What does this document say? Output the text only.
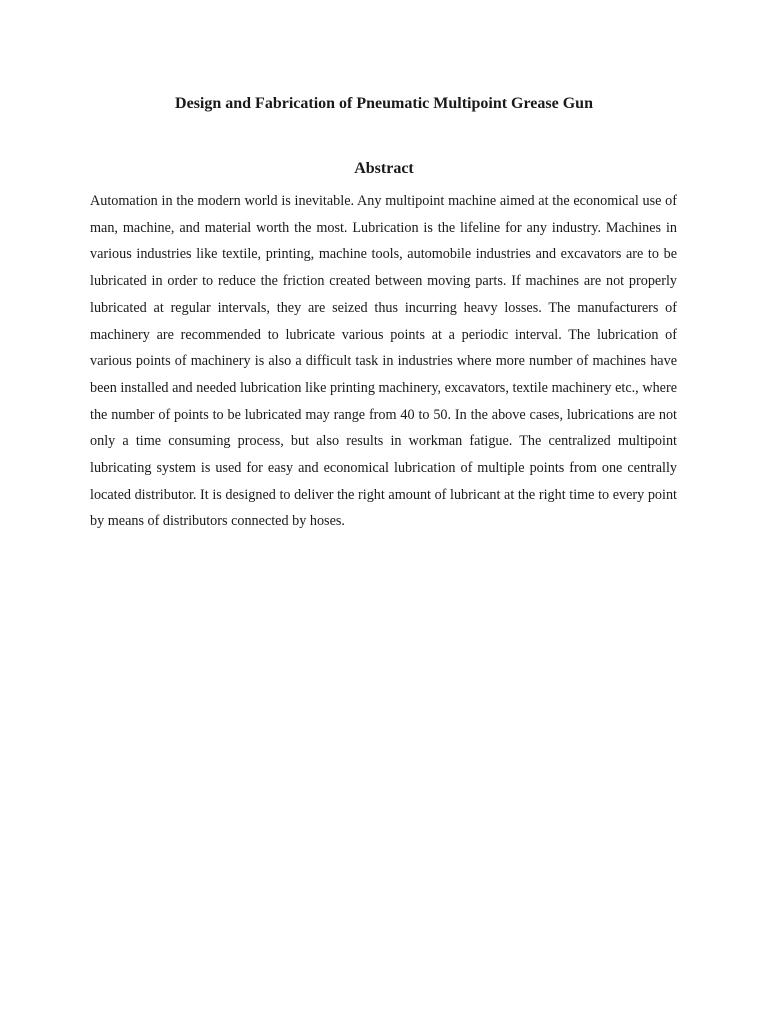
Design and Fabrication of Pneumatic Multipoint Grease Gun
Abstract

Automation in the modern world is inevitable. Any multipoint machine aimed at the economical use of man, machine, and material worth the most. Lubrication is the lifeline for any industry. Machines in various industries like textile, printing, machine tools, automobile industries and excavators are to be lubricated in order to reduce the friction created between moving parts. If machines are not properly lubricated at regular intervals, they are seized thus incurring heavy losses. The manufacturers of machinery are recommended to lubricate various points at a periodic interval. The lubrication of various points of machinery is also a difficult task in industries where more number of machines have been installed and needed lubrication like printing machinery, excavators, textile machinery etc., where the number of points to be lubricated may range from 40 to 50. In the above cases, lubrications are not only a time consuming process, but also results in workman fatigue. The centralized multipoint lubricating system is used for easy and economical lubrication of multiple points from one centrally located distributor. It is designed to deliver the right amount of lubricant at the right time to every point by means of distributors connected by hoses.
